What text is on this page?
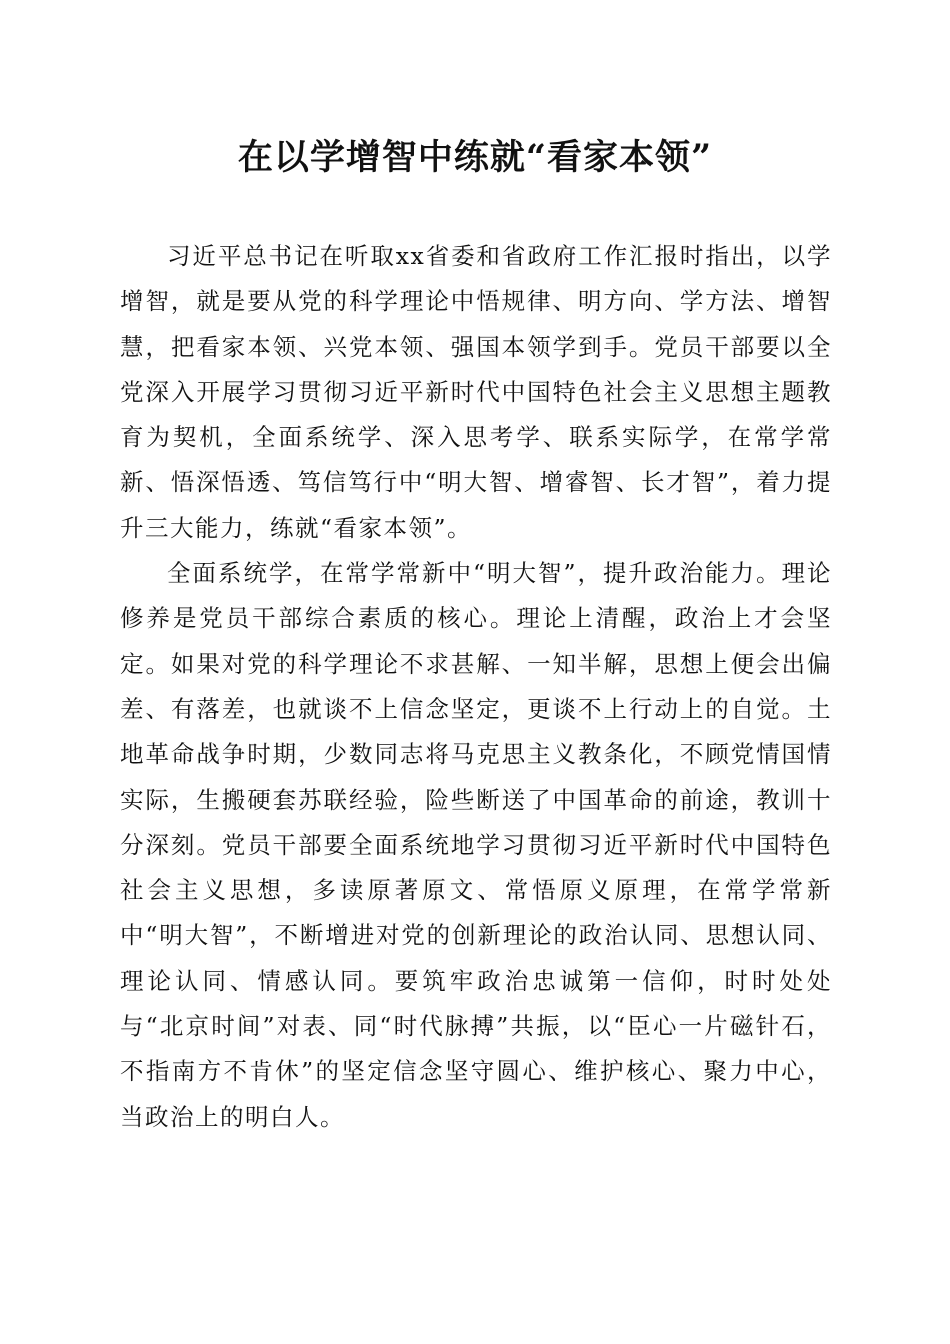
在以学增智中练就“看家本领”

习近平总书记在听取xx省委和省政府工作汇报时指出，以学增智，就是要从党的科学理论中悟规律、明方向、学方法、增智慧，把看家本领、兴党本领、强国本领学到手。党员干部要以全党深入开展学习贯彻习近平新时代中国特色社会主义思想主题教育为契机，全面系统学、深入思考学、联系实际学，在常学常新、悟深悟透、笃信笃行中“明大智、增睿智、长才智”，着力提升三大能力，练就“看家本领”。

全面系统学，在常学常新中“明大智”，提升政治能力。理论修养是党员干部综合素质的核心。理论上清醒，政治上才会坚定。如果对党的科学理论不求甚解、一知半解，思想上便会出偏差、有落差，也就谈不上信念坚定，更谈不上行动上的自觉。土地革命战争时期，少数同志将马克思主义教条化，不顾党情国情实际，生搬硬套苏联经验，险些断送了中国革命的前途，教训十分深刻。党员干部要全面系统地学习贯彻习近平新时代中国特色社会主义思想，多读原著原文、常悟原义原理，在常学常新中“明大智”，不断增进对党的创新理论的政治认同、思想认同、理论认同、情感认同。要筑牢政治忠诚第一信仰，时时处处与“北京时间”对表、同“时代脉搏”共振，以“臣心一片磁针石，不指南方不肯休”的坚定信念坚守圆心、维护核心、聚力中心，当政治上的明白人。
